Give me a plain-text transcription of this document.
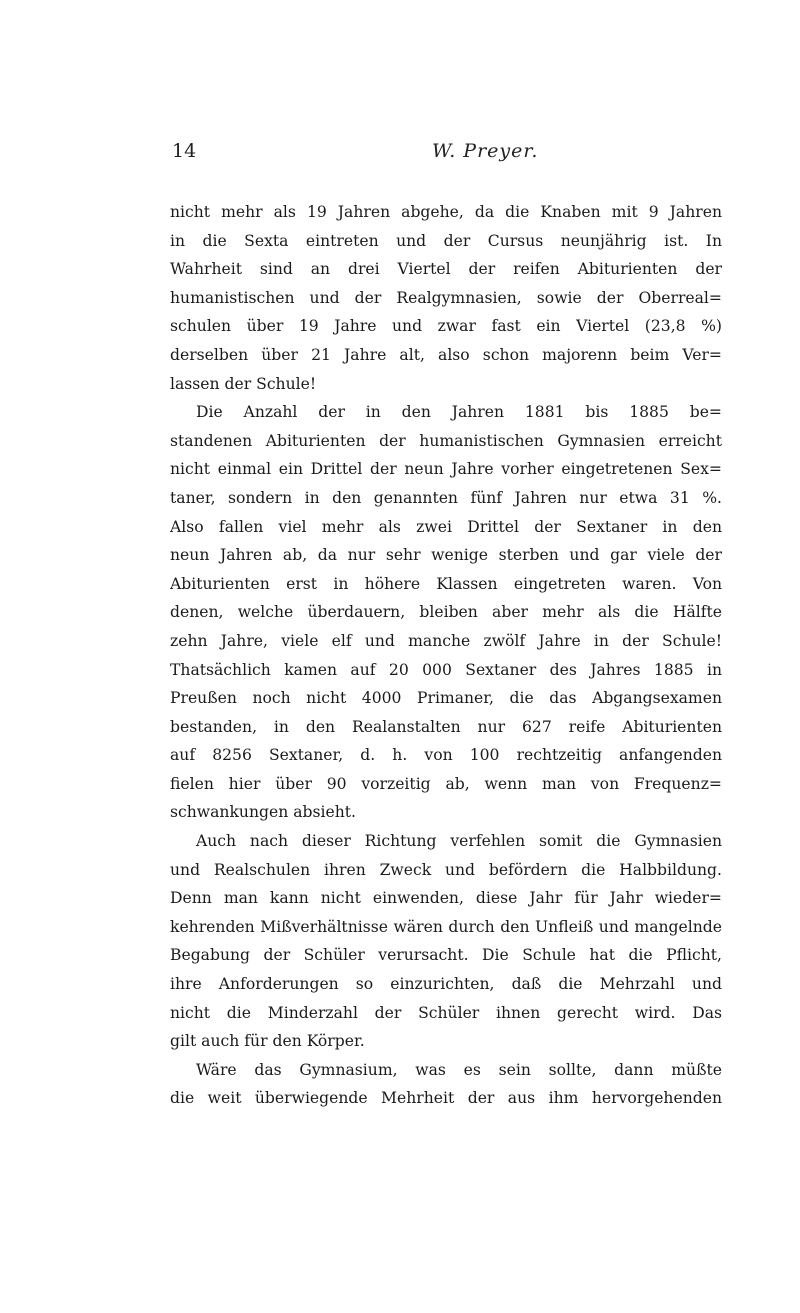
14	W. Preyer.
nicht mehr als 19 Jahren abgehe, da die Knaben mit 9 Jahren
in die Sexta eintreten und der Cursus neunjährig ist. In
Wahrheit sind an drei Viertel der reifen Abiturienten der
humanistischen und der Realgymnasien, sowie der Oberreal=
schulen über 19 Jahre und zwar fast ein Viertel (23,8 %)
derselben über 21 Jahre alt, also schon majorenn beim Ver=
lassen der Schule!
Die Anzahl der in den Jahren 1881 bis 1885 be=
standenen Abiturienten der humanistischen Gymnasien erreicht
nicht einmal ein Drittel der neun Jahre vorher eingetretenen Sex=
taner, sondern in den genannten fünf Jahren nur etwa 31 %.
Also fallen viel mehr als zwei Drittel der Sextaner in den
neun Jahren ab, da nur sehr wenige sterben und gar viele der
Abiturienten erst in höhere Klassen eingetreten waren. Von
denen, welche überdauern, bleiben aber mehr als die Hälfte
zehn Jahre, viele elf und manche zwölf Jahre in der Schule!
Thatsächlich kamen auf 20 000 Sextaner des Jahres 1885 in
Preußen noch nicht 4000 Primaner, die das Abgangsexamen
bestanden, in den Realanstalten nur 627 reife Abiturienten
auf 8256 Sextaner, d. h. von 100 rechtzeitig anfangenden
fielen hier über 90 vorzeitig ab, wenn man von Frequenz=
schwankungen absieht.
Auch nach dieser Richtung verfehlen somit die Gymnasien
und Realschulen ihren Zweck und befördern die Halbbildung.
Denn man kann nicht einwenden, diese Jahr für Jahr wieder=
kehrenden Mißverhältnisse wären durch den Unfleiß und mangelnde
Begabung der Schüler verursacht. Die Schule hat die Pflicht,
ihre Anforderungen so einzurichten, daß die Mehrzahl und
nicht die Minderzahl der Schüler ihnen gerecht wird. Das
gilt auch für den Körper.
Wäre das Gymnasium, was es sein sollte, dann müßte
die weit überwiegende Mehrheit der aus ihm hervorgehenden
